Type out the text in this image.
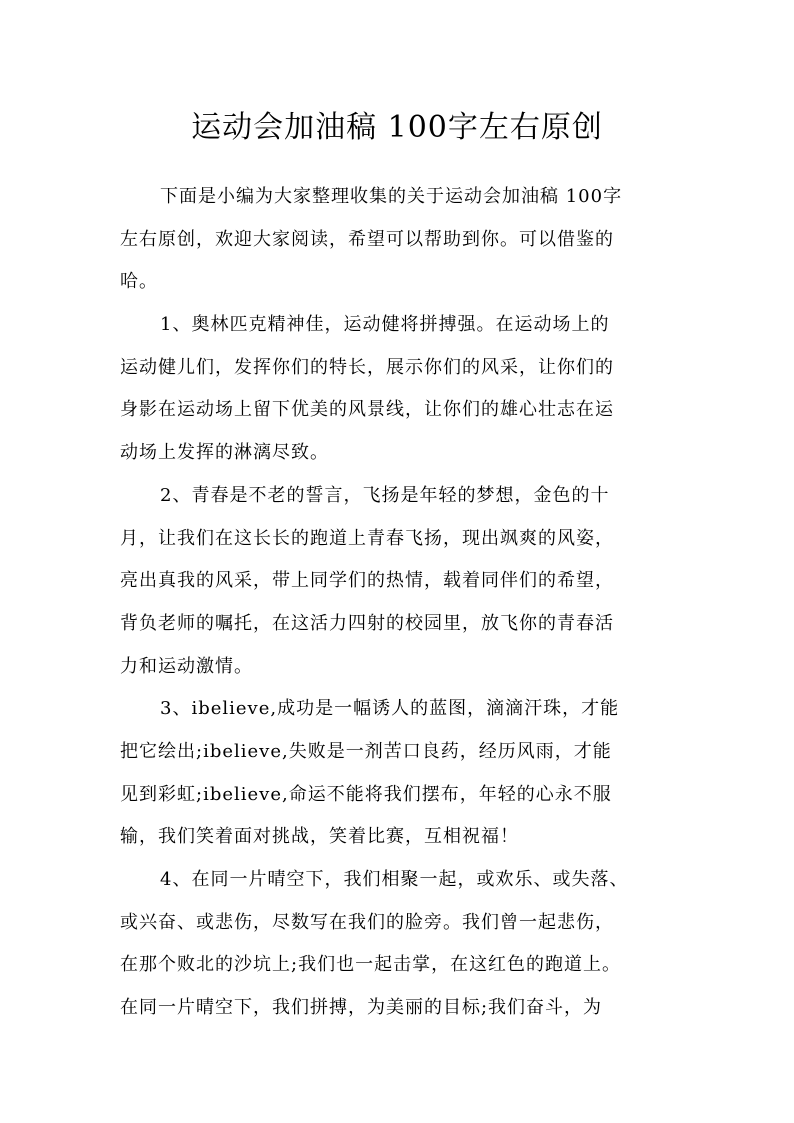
运动会加油稿 100字左右原创
下面是小编为大家整理收集的关于运动会加油稿 100字
左右原创，欢迎大家阅读，希望可以帮助到你。可以借鉴的
哈。
1、奥林匹克精神佳，运动健将拼搏强。在运动场上的
运动健儿们，发挥你们的特长，展示你们的风采，让你们的
身影在运动场上留下优美的风景线，让你们的雄心壮志在运
动场上发挥的淋漓尽致。
2、青春是不老的誓言，飞扬是年轻的梦想，金色的十
月，让我们在这长长的跑道上青春飞扬，现出飒爽的风姿，
亮出真我的风采，带上同学们的热情，载着同伴们的希望，
背负老师的嘱托，在这活力四射的校园里，放飞你的青春活
力和运动激情。
3、ibelieve,成功是一幅诱人的蓝图，滴滴汗珠，才能
把它绘出;ibelieve,失败是一剂苦口良药，经历风雨，才能
见到彩虹;ibelieve,命运不能将我们摆布，年轻的心永不服
输，我们笑着面对挑战，笑着比赛，互相祝福！
4、在同一片晴空下，我们相聚一起，或欢乐、或失落、
或兴奋、或悲伤，尽数写在我们的脸旁。我们曾一起悲伤，
在那个败北的沙坑上;我们也一起击掌，在这红色的跑道上。
在同一片晴空下，我们拼搏，为美丽的目标;我们奋斗，为
